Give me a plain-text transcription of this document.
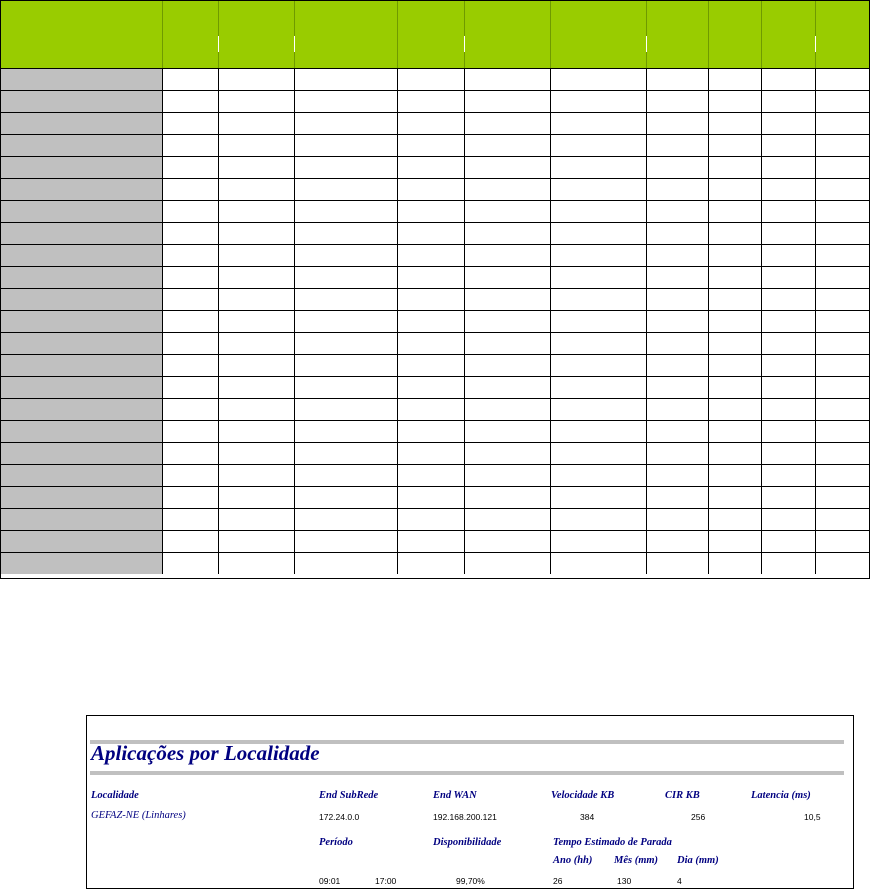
Aplicações por Localidade
Localidade	End SubRede	End WAN	Velocidade KB	CIR KB	Latencia (ms)
GEFAZ-NE (Linhares)	172.24.0.0	192.168.200.121	384	256	10,5
Período	Disponibilidade	Tempo Estimado de Parada
Ano (hh) Mês (mm) Dia (mm)
09:01	17:00	99,70%	26	130	4
